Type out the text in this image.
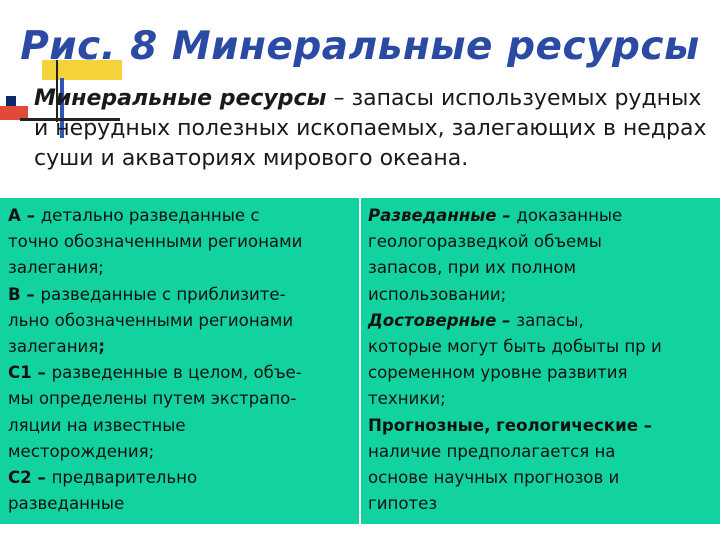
Рис. 8 Минеральные ресурсы
Минеральные ресурсы – запасы используемых рудных и нерудных полезных ископаемых, залегающих в недрах суши и акваториях мирового океана.
A – детально разведанные с
точно обозначенными регионами
залегания;
B – разведанные с приблизите-
льно обозначенными регионами
залегания;
C1 – разведенные в целом, объе-
мы определены путем экстрапо-
ляции на известные
месторождения;
C2 – предварительно
разведанные
Разведанные – доказанные
геологоразведкой объемы
запасов, при их полном
использовании;
Достоверные – запасы,
которые могут быть добыты пр и
соременном уровне развития
техники;
Прогнозные, геологические –
наличие предполагается на
основе научных прогнозов и
гипотез
